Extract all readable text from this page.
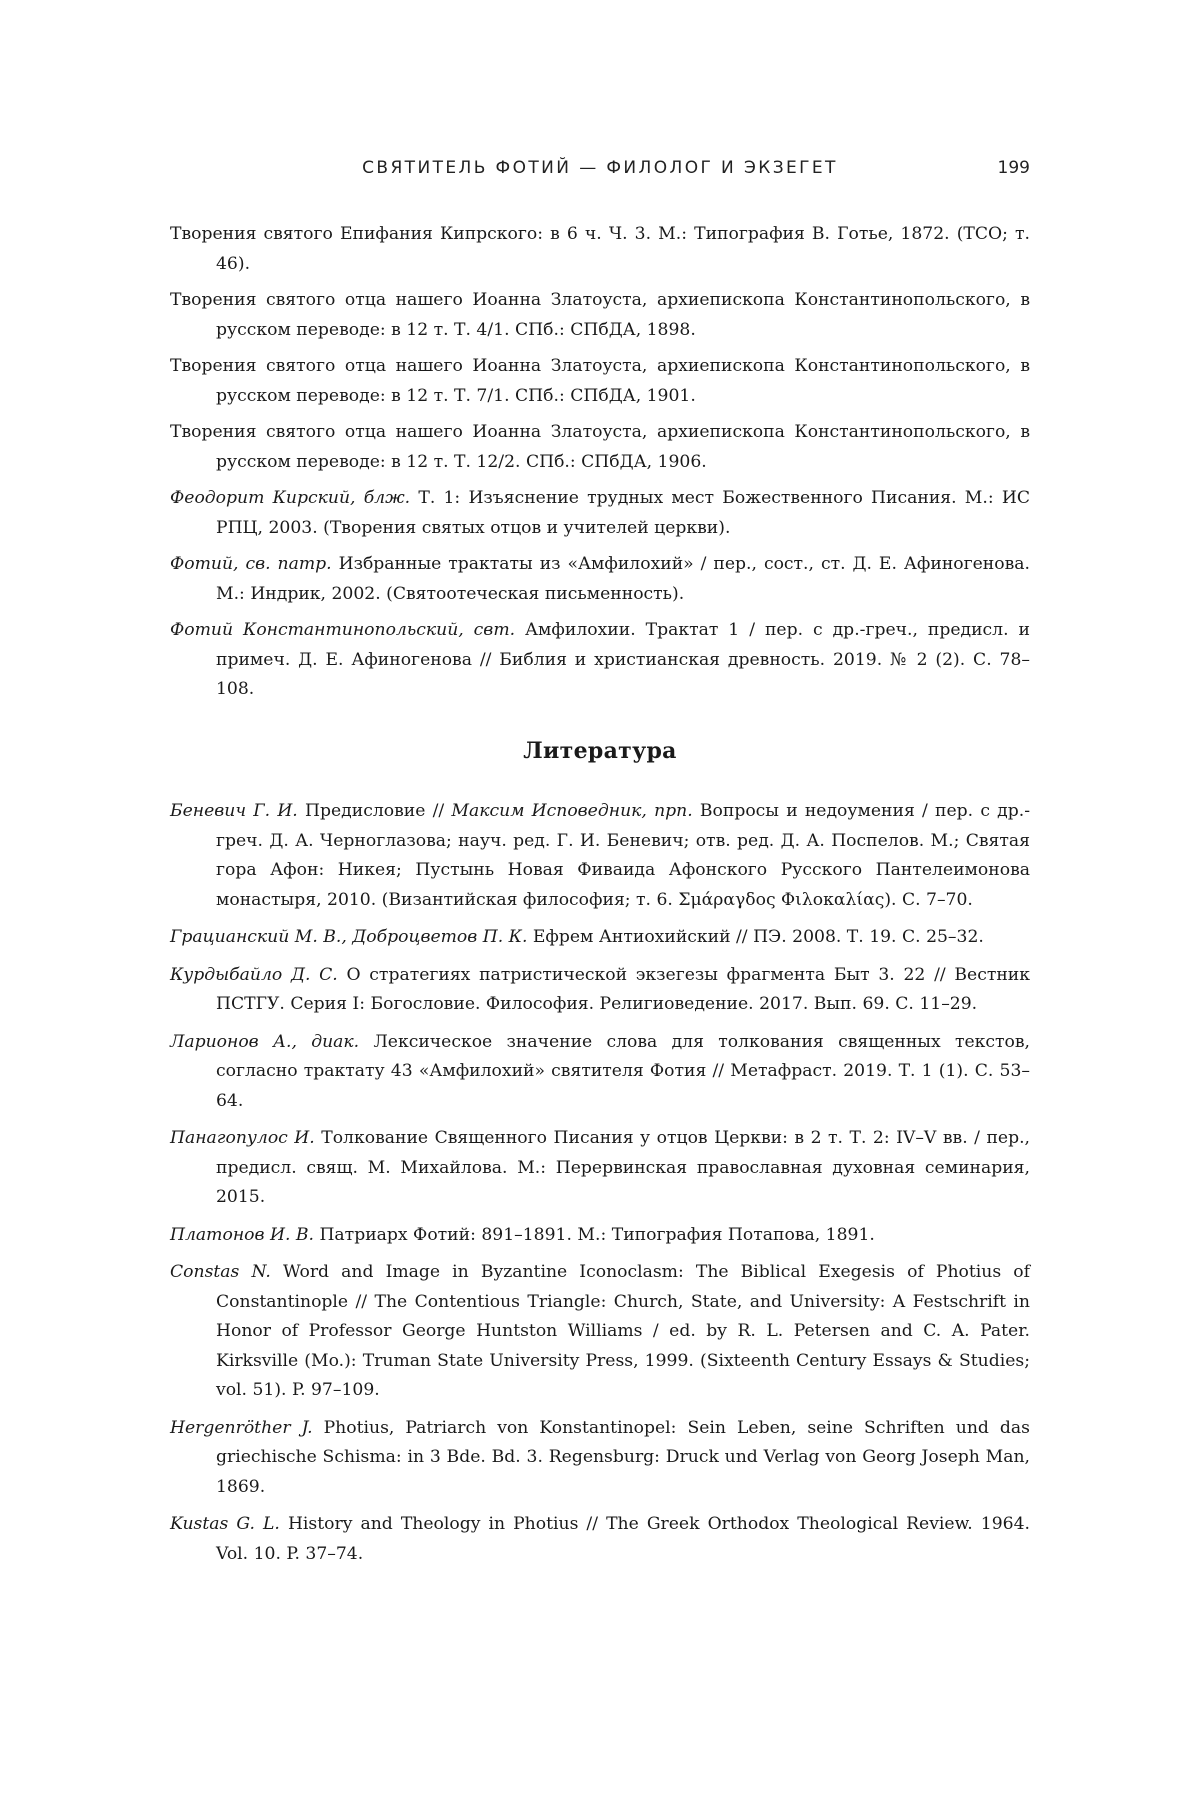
СВЯТИТЕЛЬ ФОТИЙ — ФИЛОЛОГ И ЭКЗЕГЕТ	199

Творения святого Епифания Кипрского: в 6 ч. Ч. 3. М.: Типография В. Готье, 1872. (ТСО; т. 46).

Творения святого отца нашего Иоанна Златоуста, архиепископа Константинопольского, в русском переводе: в 12 т. Т. 4/1. СПб.: СПбДА, 1898.

Творения святого отца нашего Иоанна Златоуста, архиепископа Константинопольского, в русском переводе: в 12 т. Т. 7/1. СПб.: СПбДА, 1901.

Творения святого отца нашего Иоанна Златоуста, архиепископа Константинопольского, в русском переводе: в 12 т. Т. 12/2. СПб.: СПбДА, 1906.

Феодорит Кирский, блж. Т. 1: Изъяснение трудных мест Божественного Писания. М.: ИС РПЦ, 2003. (Творения святых отцов и учителей церкви).

Фотий, св. патр. Избранные трактаты из «Амфилохий» / пер., сост., ст. Д. Е. Афиногенова. М.: Индрик, 2002. (Святоотеческая письменность).

Фотий Константинопольский, свт. Амфилохии. Трактат 1 / пер. с др.-греч., предисл. и примеч. Д. Е. Афиногенова // Библия и христианская древность. 2019. № 2 (2). С. 78–108.

Литература

Беневич Г. И. Предисловие // Максим Исповедник, прп. Вопросы и недоумения / пер. с др.-греч. Д. А. Черноглазова; науч. ред. Г. И. Беневич; отв. ред. Д. А. Поспелов. М.; Святая гора Афон: Никея; Пустынь Новая Фиваида Афонского Русского Пантелеимонова монастыря, 2010. (Византийская философия; т. 6. Σμάραγδος Φιλοκαλίας). С. 7–70.

Грацианский М. В., Доброцветов П. К. Ефрем Антиохийский // ПЭ. 2008. Т. 19. С. 25–32.

Курдыбайло Д. С. О стратегиях патристической экзегезы фрагмента Быт 3. 22 // Вестник ПСТГУ. Серия I: Богословие. Философия. Религиоведение. 2017. Вып. 69. С. 11–29.

Ларионов А., диак. Лексическое значение слова для толкования священных текстов, согласно трактату 43 «Амфилохий» святителя Фотия // Метафраст. 2019. Т. 1 (1). С. 53–64.

Панагопулос И. Толкование Священного Писания у отцов Церкви: в 2 т. Т. 2: IV–V вв. / пер., предисл. свящ. М. Михайлова. М.: Перервинская православная духовная семинария, 2015.

Платонов И. В. Патриарх Фотий: 891–1891. М.: Типография Потапова, 1891.

Constas N. Word and Image in Byzantine Iconoclasm: The Biblical Exegesis of Photius of Constantinople // The Contentious Triangle: Church, State, and University: A Festschrift in Honor of Professor George Huntston Williams / ed. by R. L. Petersen and C. A. Pater. Kirksville (Mo.): Truman State University Press, 1999. (Sixteenth Century Essays & Studies; vol. 51). P. 97–109.

Hergenröther J. Photius, Patriarch von Konstantinopel: Sein Leben, seine Schriften und das griechische Schisma: in 3 Bde. Bd. 3. Regensburg: Druck und Verlag von Georg Joseph Man, 1869.

Kustas G. L. History and Theology in Photius // The Greek Orthodox Theological Review. 1964. Vol. 10. P. 37–74.
